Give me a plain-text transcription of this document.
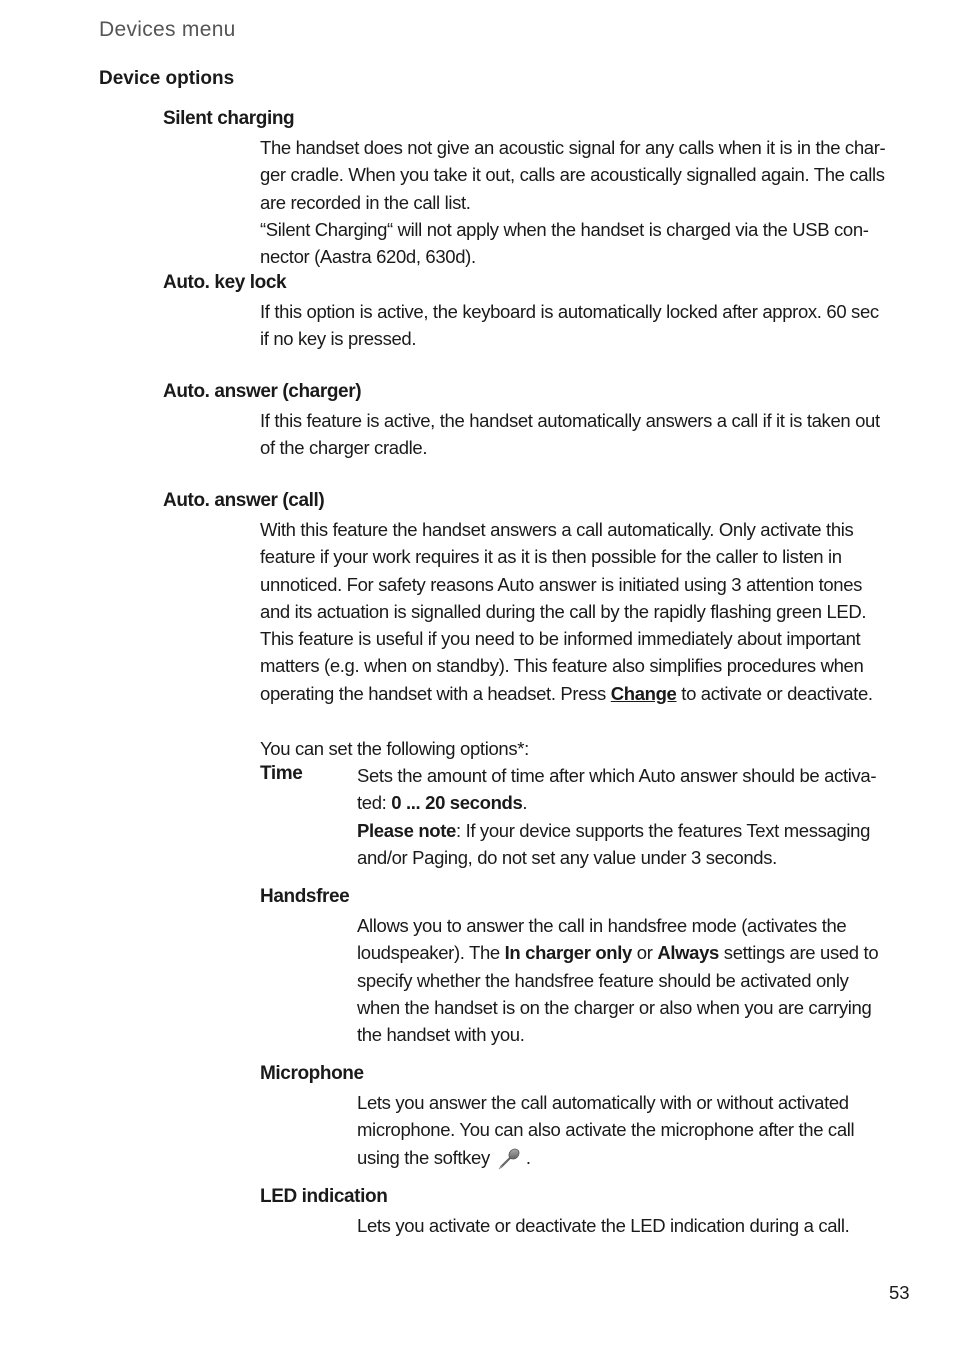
Devices menu
Device options
Silent charging
The handset does not give an acoustic signal for any calls when it is in the char-
ger cradle. When you take it out, calls are acoustically signalled again. The calls
are recorded in the call list.
“Silent Charging“ will not apply when the handset is charged via the USB con-
nector (Aastra 620d, 630d).
Auto. key lock
If this option is active, the keyboard is automatically locked after approx. 60 sec
if no key is pressed.
Auto. answer (charger)
If this feature is active, the handset automatically answers a call if it is taken out
of the charger cradle.
Auto. answer (call)
With this feature the handset answers a call automatically. Only activate this
feature if your work requires it as it is then possible for the caller to listen in
unnoticed. For safety reasons Auto answer is initiated using 3 attention tones
and its actuation is signalled during the call by the rapidly flashing green LED.
This feature is useful if you need to be informed immediately about important
matters (e.g. when on standby). This feature also simplifies procedures when
operating the handset with a headset. Press Change to activate or deactivate.
You can set the following options*:
Time	Sets the amount of time after which Auto answer should be activa-
ted: 0 ... 20 seconds.
Please note: If your device supports the features Text messaging
and/or Paging, do not set any value under 3 seconds.
Handsfree
Allows you to answer the call in handsfree mode (activates the
loudspeaker). The In charger only or Always settings are used to
specify whether the handsfree feature should be activated only
when the handset is on the charger or also when you are carrying
the handset with you.
Microphone
Lets you answer the call automatically with or without activated
microphone. You can also activate the microphone after the call
using the softkey .
LED indication
Lets you activate or deactivate the LED indication during a call.
53
